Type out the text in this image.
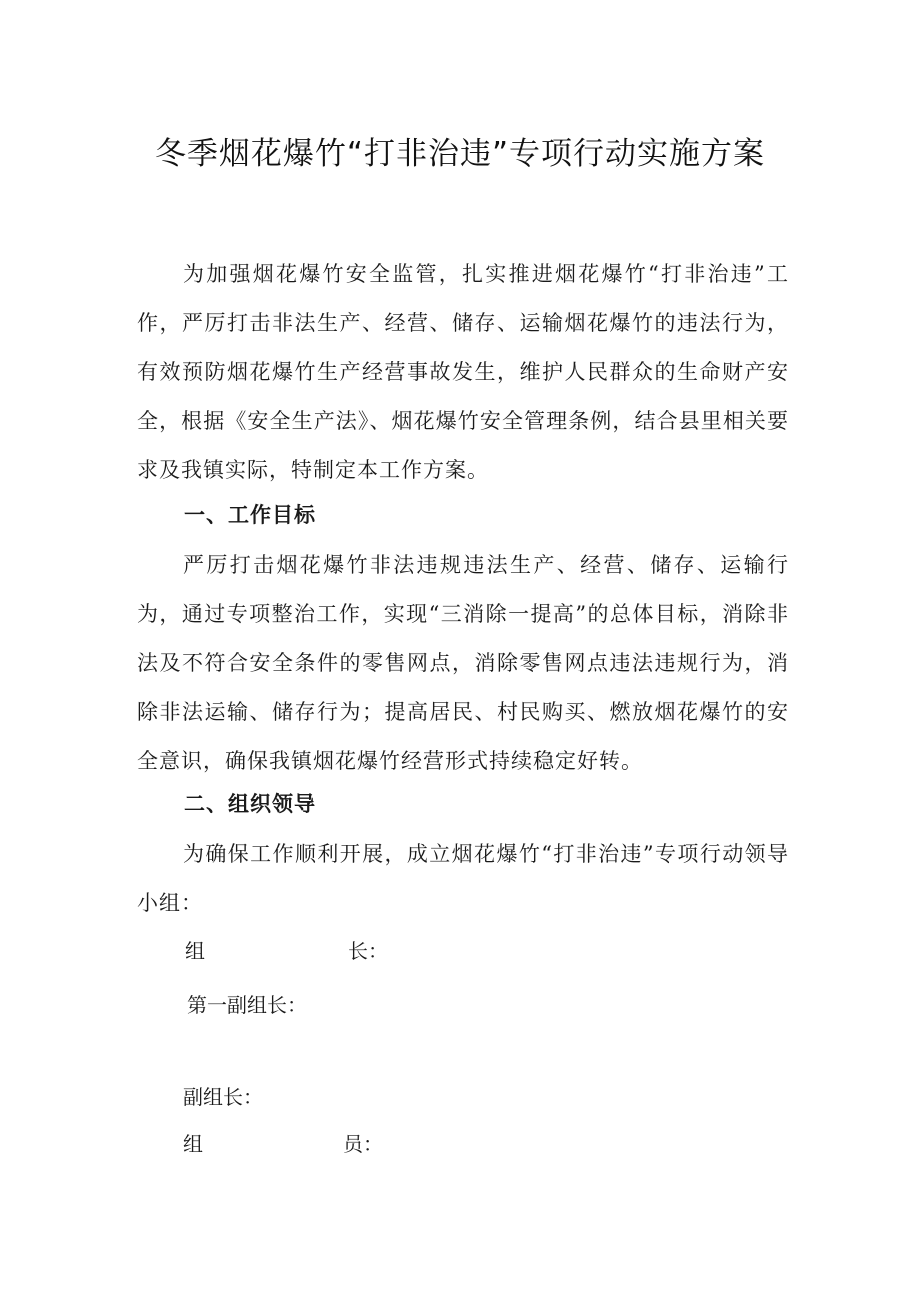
冬季烟花爆竹“打非治违”专项行动实施方案
为加强烟花爆竹安全监管，扎实推进烟花爆竹“打非治违”工作，严厉打击非法生产、经营、储存、运输烟花爆竹的违法行为，有效预防烟花爆竹生产经营事故发生，维护人民群众的生命财产安全，根据《安全生产法》、烟花爆竹安全管理条例，结合县里相关要求及我镇实际，特制定本工作方案。
一、工作目标
严厉打击烟花爆竹非法违规违法生产、经营、储存、运输行为，通过专项整治工作，实现“三消除一提高”的总体目标，消除非法及不符合安全条件的零售网点，消除零售网点违法违规行为，消除非法运输、储存行为；提高居民、村民购买、燃放烟花爆竹的安全意识，确保我镇烟花爆竹经营形式持续稳定好转。
二、组织领导
为确保工作顺利开展，成立烟花爆竹“打非治违”专项行动领导小组：
组	长：
第一副组长：
副组长：
组	员：
